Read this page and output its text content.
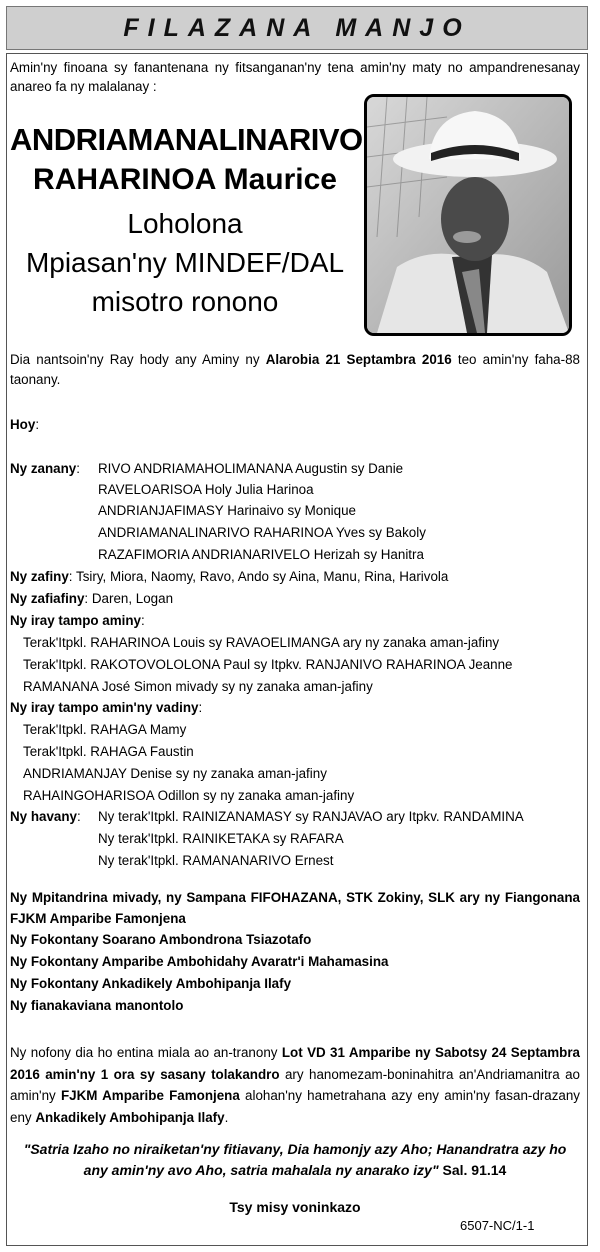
FILAZANA MANJO
Amin'ny finoana sy fanantenana ny fitsanganan'ny tena amin'ny maty no ampandrenesanay anareo fa ny malalanay :
ANDRIAMANALINARIVO
RAHARINOA Maurice
Loholona
Mpiasan'ny MINDEF/DAL
misotro ronono
Dia nantsoin'ny Ray hody any Aminy ny Alarobia 21 Septambra 2016 teo amin'ny faha-88 taonany.
Hoy:
Ny zanany: RIVO ANDRIAMAHOLIMANANA Augustin sy Danie
RAVELOARISOA Holy Julia Harinoa
ANDRIANJAFIMASY Harinaivo sy Monique
ANDRIAMANALINARIVO RAHARINOA Yves sy Bakoly
RAZAFIMORIA ANDRIANARIVELO Herizah sy Hanitra
Ny zafiny: Tsiry, Miora, Naomy, Ravo, Ando sy Aina, Manu, Rina, Harivola
Ny zafiafiny: Daren, Logan
Ny iray tampo aminy:
Terak'Itpkl. RAHARINOA Louis sy RAVAOELIMANGA ary ny zanaka aman-jafiny
Terak'Itpkl. RAKOTOVOLOLONA Paul sy Itpkv. RANJANIVO RAHARINOA Jeanne
RAMANANA José Simon mivady sy ny zanaka aman-jafiny
Ny iray tampo amin'ny vadiny:
Terak'Itpkl. RAHAGA Mamy
Terak'Itpkl. RAHAGA Faustin
ANDRIAMANJAY Denise sy ny zanaka aman-jafiny
RAHAINGOHARISOA Odillon sy ny zanaka aman-jafiny
Ny havany: Ny terak'Itpkl. RAINIZANAMASY sy RANJAVAO ary Itpkv. RANDAMINA
Ny terak'Itpkl. RAINIKETAKA sy RAFARA
Ny terak'Itpkl. RAMANANARIVO Ernest
Ny Mpitandrina mivady, ny Sampana FIFOHAZANA, STK Zokiny, SLK ary ny Fiangonana FJKM Amparibe Famonjena
Ny Fokontany Soarano Ambondrona Tsiazotafo
Ny Fokontany Amparibe Ambohidahy Avaratr'i Mahamasina
Ny Fokontany Ankadikely Ambohipanja Ilafy
Ny fianakaviana manontolo
Ny nofony dia ho entina miala ao an-tranony Lot VD 31 Amparibe ny Sabotsy 24 Septambra 2016 amin'ny 1 ora sy sasany tolakandro ary hanomezam-boninahitra an'Andriamanitra ao amin'ny FJKM Amparibe Famonjena alohan'ny hametrahana azy eny amin'ny fasan-drazany eny Ankadikely Ambohipanja Ilafy.
"Satria Izaho no niraiketan'ny fitiavany, Dia hamonjy azy Aho; Hanandratra azy ho any amin'ny avo Aho, satria mahalala ny anarako izy" Sal. 91.14
Tsy misy voninkazo
6507-NC/1-1
